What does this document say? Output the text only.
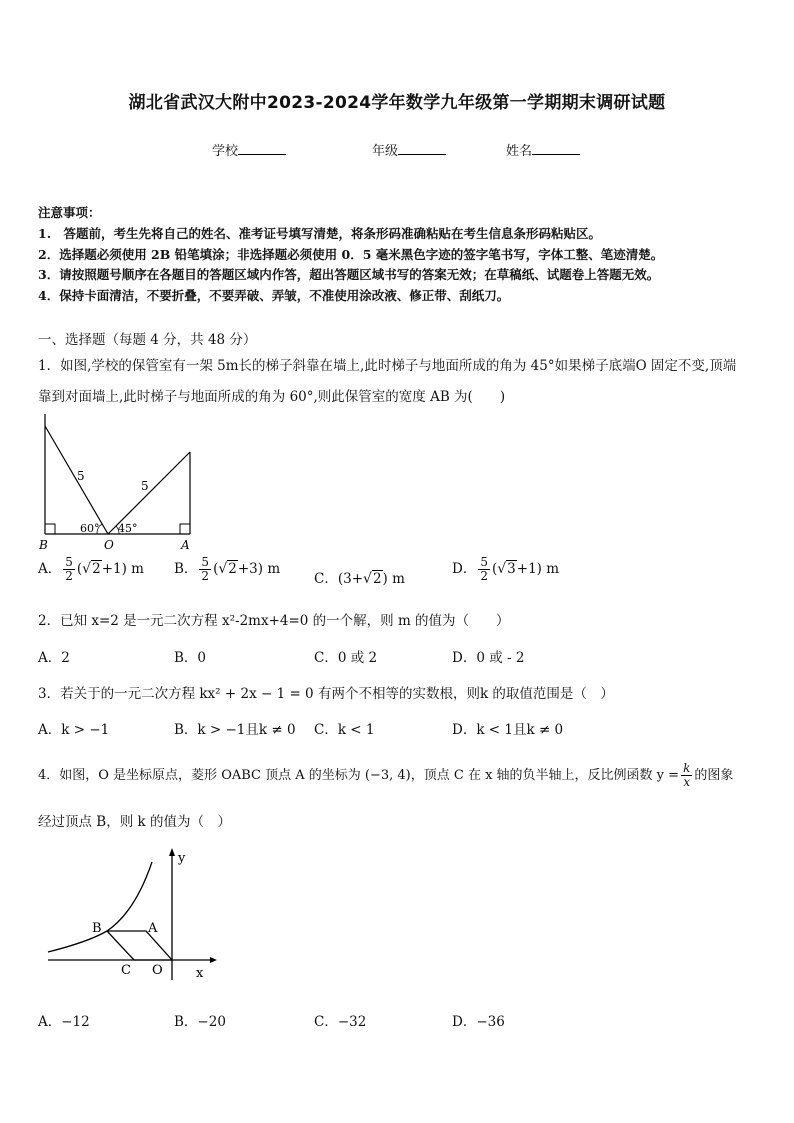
湖北省武汉大附中2023-2024学年数学九年级第一学期期末调研试题
学校	年级	姓名
注意事项：
1.　答题前，考生先将自己的姓名、准考证号填写清楚，将条形码准确粘贴在考生信息条形码粘贴区。
2．选择题必须使用 2B 铅笔填涂；非选择题必须使用 0．5 毫米黑色字迹的签字笔书写，字体工整、笔迹清楚。
3．请按照题号顺序在各题目的答题区域内作答，超出答题区域书写的答案无效；在草稿纸、试题卷上答题无效。
4．保持卡面清洁，不要折叠，不要弄破、弄皱，不准使用涂改液、修正带、刮纸刀。
一、选择题（每题 4 分，共 48 分）
1．如图,学校的保管室有一架 5m长的梯子斜靠在墙上,此时梯子与地面所成的角为 45°如果梯子底端O 固定不变,顶端
靠到对面墙上,此时梯子与地面所成的角为 60°,则此保管室的宽度 AB 为(　　)
5
5
60° 45°
B	O	A
A． $\frac{5}{2} (√2+1)$ m B． $\frac{5}{2} (√2+3)$ m
C．(3+√2) m
D． $\frac{5}{2} (√3+1)$ m
2．已知 x=2 是一元二次方程 x²-2mx+4=0 的一个解，则 m 的值为（　　）
A．2	B．0	C．0 或 2	D．0 或 - 2
3．若关于的一元二次方程 kx² + 2x − 1 = 0 有两个不相等的实数根，则k 的取值范围是（　）
A．k > −1	B．k > −1且k ≠ 0 C．k < 1	D．k < 1且k ≠ 0
4．如图，O 是坐标原点，菱形 OABC 顶点 A 的坐标为 (−3, 4)，顶点 C 在 x 轴的负半轴上，反比例函数 $y = \frac{k}{x}$ 的图象
经过顶点 B，则 k 的值为（　）
y
x
B	A
C O
A．−12	B．−20	C．−32	D．−36
